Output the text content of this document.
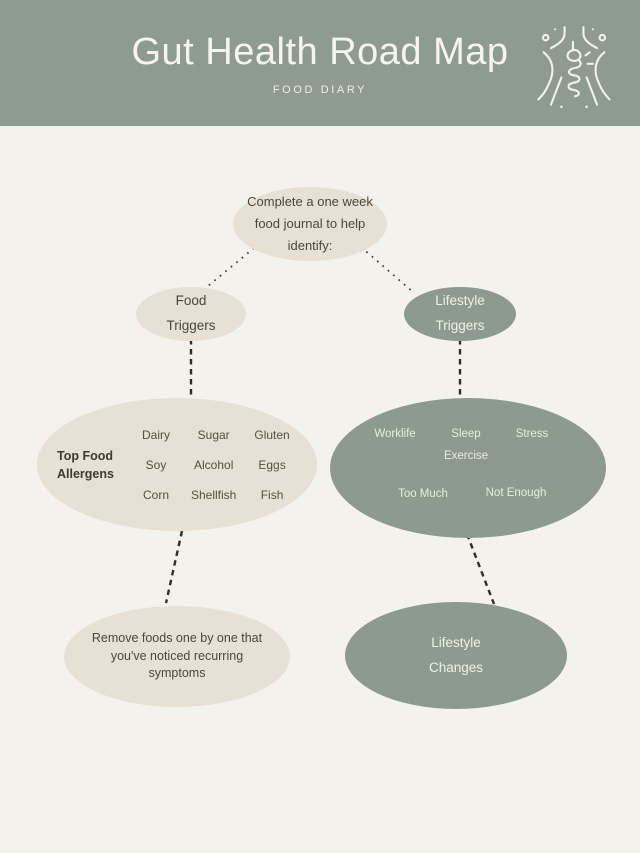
Gut Health Road Map
FOOD DIARY
Complete a one week
food journal to help
identify:
Food
Triggers
Lifestyle
Triggers
Top Food
Allergens
Dairy	Sugar	Gluten
Soy	Alcohol	Eggs
Corn	Shellfish	Fish
Worklife	Sleep	Stress
Exercise
Too Much	Not Enough
Remove foods one by one that
you've noticed recurring
symptoms
Lifestyle
Changes
